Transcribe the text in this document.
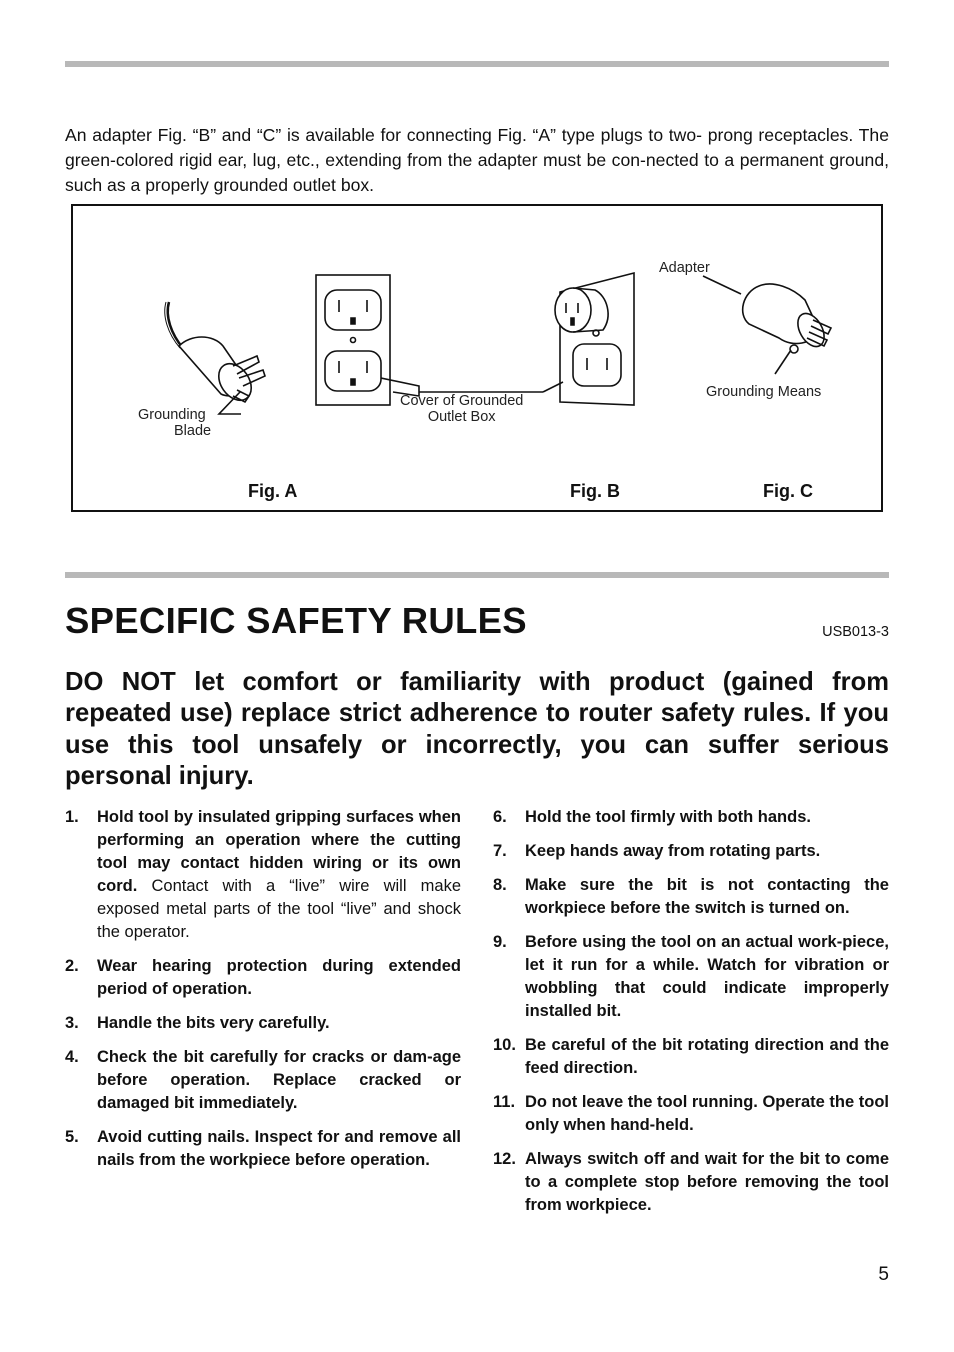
An adapter Fig. “B” and “C” is available for connecting Fig. “A” type plugs to two- prong receptacles. The green-colored rigid ear, lug, etc., extending from the adapter must be con-nected to a permanent ground, such as a properly grounded outlet box.

Grounding
Blade
Cover of Grounded
Outlet Box
Adapter
Grounding Means
Fig. A	Fig. B	Fig. C
SPECIFIC SAFETY RULES	USB013-3

DO NOT let comfort or familiarity with product (gained from repeated use) replace strict adherence to router safety rules. If you use this tool unsafely or incorrectly, you can suffer serious personal injury.

1.	Hold tool by insulated gripping surfaces when performing an operation where the cutting tool may contact hidden wiring or its own cord. Contact with a “live” wire will make exposed metal parts of the tool “live” and shock the operator.
2.	Wear hearing protection during extended period of operation.
3.	Handle the bits very carefully.
4.	Check the bit carefully for cracks or dam-age before operation. Replace cracked or damaged bit immediately.
5.	Avoid cutting nails. Inspect for and remove all nails from the workpiece before operation.
6.	Hold the tool firmly with both hands.
7.	Keep hands away from rotating parts.
8.	Make sure the bit is not contacting the workpiece before the switch is turned on.
9.	Before using the tool on an actual work-piece, let it run for a while. Watch for vibration or wobbling that could indicate improperly installed bit.
10. Be careful of the bit rotating direction and the feed direction.
11. Do not leave the tool running. Operate the tool only when hand-held.
12. Always switch off and wait for the bit to come to a complete stop before removing the tool from workpiece.
5
